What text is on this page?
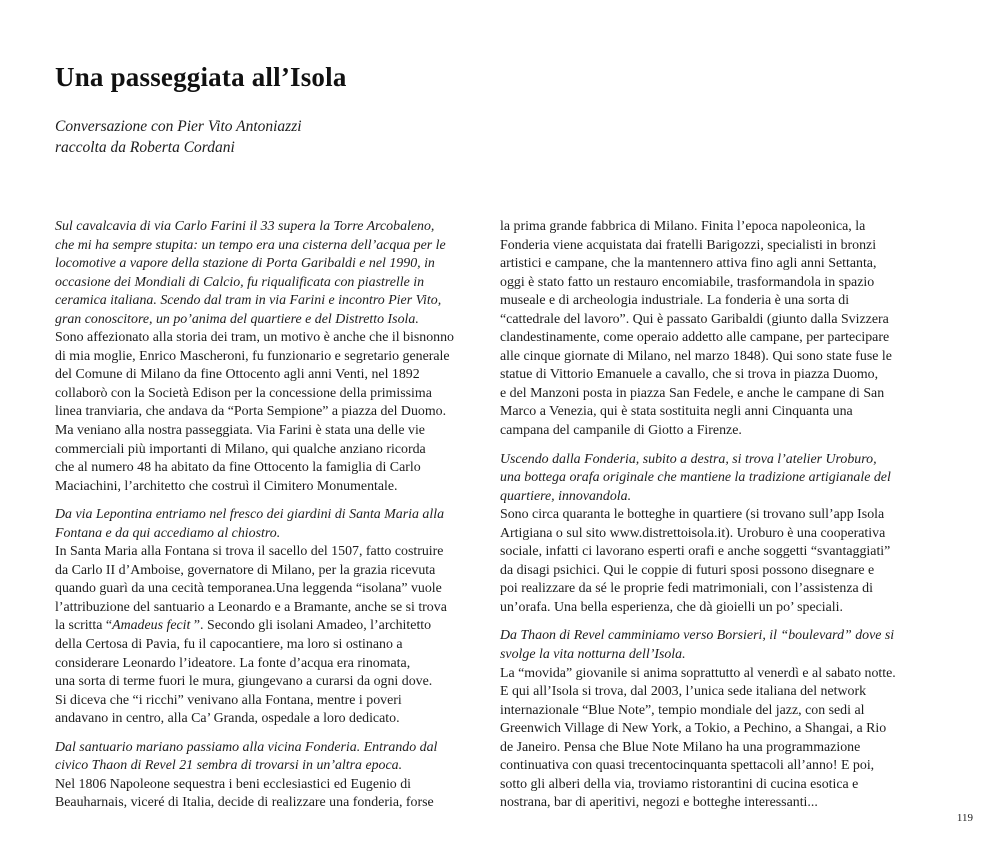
Una passeggiata all’Isola
Conversazione con Pier Vito Antoniazzi
raccolta da Roberta Cordani
Sul cavalcavia di via Carlo Farini il 33 supera la Torre Arcobaleno,
che mi ha sempre stupita: un tempo era una cisterna dell’acqua per le
locomotive a vapore della stazione di Porta Garibaldi e nel 1990, in
occasione dei Mondiali di Calcio, fu riqualificata con piastrelle in
ceramica italiana. Scendo dal tram in via Farini e incontro Pier Vito,
gran conoscitore, un po’anima del quartiere e del Distretto Isola.
Sono affezionato alla storia dei tram, un motivo è anche che il bisnonno
di mia moglie, Enrico Mascheroni, fu funzionario e segretario generale
del Comune di Milano da fine Ottocento agli anni Venti, nel 1892
collaborò con la Società Edison per la concessione della primissima
linea tranviaria, che andava da “Porta Sempione” a piazza del Duomo.
Ma veniano alla nostra passeggiata. Via Farini è stata una delle vie
commerciali più importanti di Milano, qui qualche anziano ricorda
che al numero 48 ha abitato da fine Ottocento la famiglia di Carlo
Maciachini, l’architetto che costruì il Cimitero Monumentale.
Da via Lepontina entriamo nel fresco dei giardini di Santa Maria alla
Fontana e da qui accediamo al chiostro.
In Santa Maria alla Fontana si trova il sacello del 1507, fatto costruire
da Carlo II d’Amboise, governatore di Milano, per la grazia ricevuta
quando guarì da una cecità temporanea.Una leggenda “isolana” vuole
l’attribuzione del santuario a Leonardo e a Bramante, anche se si trova
la scritta “Amadeus fecit ”. Secondo gli isolani Amadeo, l’architetto
della Certosa di Pavia, fu il capocantiere, ma loro si ostinano a
considerare Leonardo l’ideatore. La fonte d’acqua era rinomata,
una sorta di terme fuori le mura, giungevano a curarsi da ogni dove.
Si diceva che “i ricchi” venivano alla Fontana, mentre i poveri
andavano in centro, alla Ca’ Granda, ospedale a loro dedicato.
Dal santuario mariano passiamo alla vicina Fonderia. Entrando dal
civico Thaon di Revel 21 sembra di trovarsi in un’altra epoca.
Nel 1806 Napoleone sequestra i beni ecclesiastici ed Eugenio di
Beauharnais, viceré di Italia, decide di realizzare una fonderia, forse
la prima grande fabbrica di Milano. Finita l’epoca napoleonica, la
Fonderia viene acquistata dai fratelli Barigozzi, specialisti in bronzi
artistici e campane, che la mantennero attiva fino agli anni Settanta,
oggi è stato fatto un restauro encomiabile, trasformandola in spazio
museale e di archeologia industriale. La fonderia è una sorta di
“cattedrale del lavoro”. Qui è passato Garibaldi (giunto dalla Svizzera
clandestinamente, come operaio addetto alle campane, per partecipare
alle cinque giornate di Milano, nel marzo 1848). Qui sono state fuse le
statue di Vittorio Emanuele a cavallo, che si trova in piazza Duomo,
e del Manzoni posta in piazza San Fedele, e anche le campane di San
Marco a Venezia, qui è stata sostituita negli anni Cinquanta una
campana del campanile di Giotto a Firenze.
Uscendo dalla Fonderia, subito a destra, si trova l’atelier Uroburo,
una bottega orafa originale che mantiene la tradizione artigianale del
quartiere, innovandola.
Sono circa quaranta le botteghe in quartiere (si trovano sull’app Isola
Artigiana o sul sito www.distrettoisola.it). Uroburo è una cooperativa
sociale, infatti ci lavorano esperti orafi e anche soggetti “svantaggiati”
da disagi psichici. Qui le coppie di futuri sposi possono disegnare e
poi realizzare da sé le proprie fedi matrimoniali, con l’assistenza di
un’orafa. Una bella esperienza, che dà gioielli un po’ speciali.
Da Thaon di Revel camminiamo verso Borsieri, il “boulevard” dove si
svolge la vita notturna dell’Isola.
La “movida” giovanile si anima soprattutto al venerdì e al sabato notte.
E qui all’Isola si trova, dal 2003, l’unica sede italiana del network
internazionale “Blue Note”, tempio mondiale del jazz, con sedi al
Greenwich Village di New York, a Tokio, a Pechino, a Shangai, a Rio
de Janeiro. Pensa che Blue Note Milano ha una programmazione
continuativa con quasi trecentocinquanta spettacoli all’anno! E poi,
sotto gli alberi della via, troviamo ristorantini di cucina esotica e
nostrana, bar di aperitivi, negozi e botteghe interessanti...
119
